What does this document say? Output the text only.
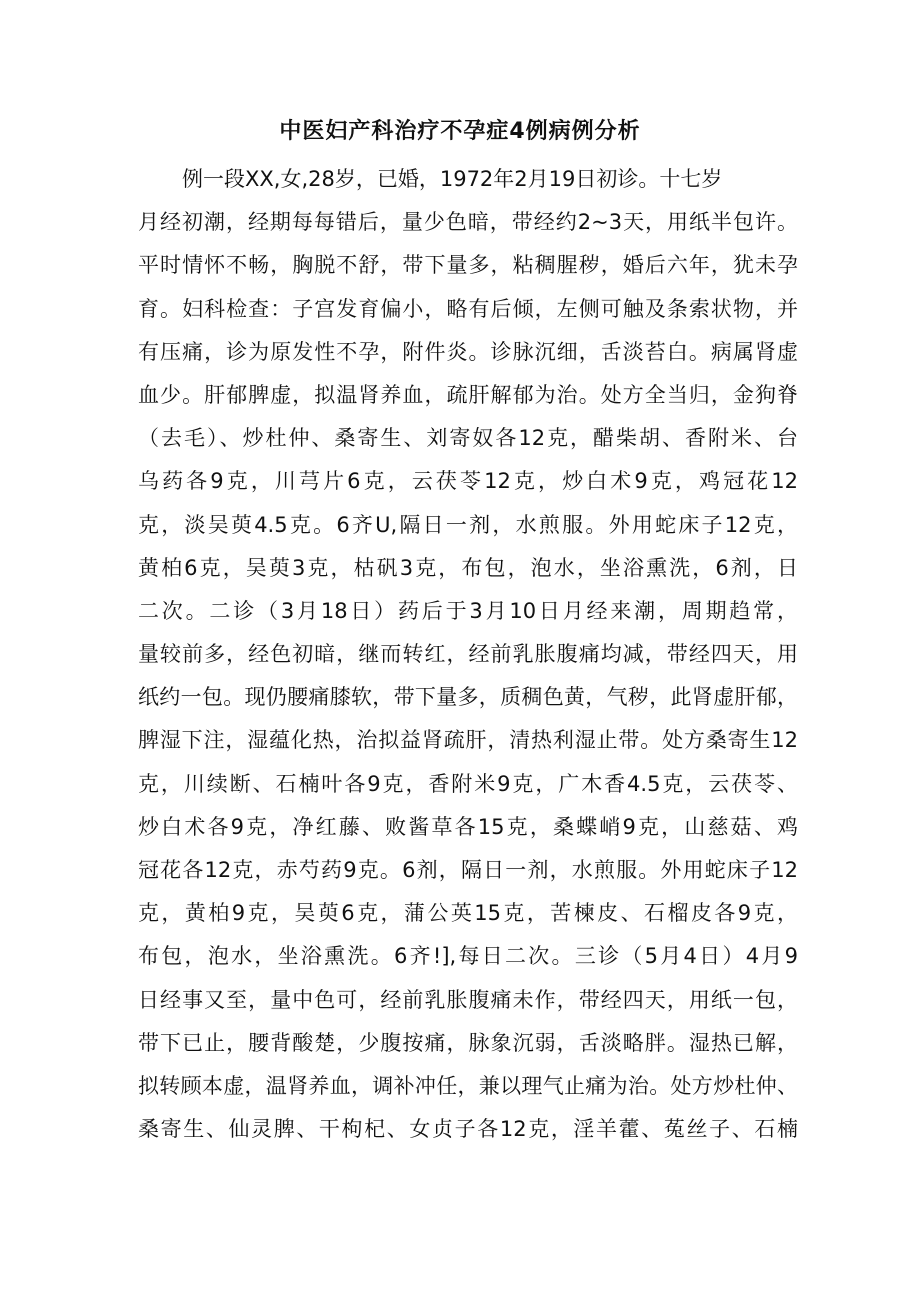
中医妇产科治疗不孕症4例病例分析
例一段XX,女,28岁，已婚，1972年2月19日初诊。十七岁
月经初潮，经期每每错后，量少色暗，带经约2~3天，用纸半包许。
平时情怀不畅，胸脱不舒，带下量多，粘稠腥秽，婚后六年，犹未孕
育。妇科检查：子宫发育偏小，略有后倾，左侧可触及条索状物，并
有压痛，诊为原发性不孕，附件炎。诊脉沉细，舌淡苔白。病属肾虚
血少。肝郁脾虚，拟温肾养血，疏肝解郁为治。处方全当归，金狗脊
（去毛）、炒杜仲、桑寄生、刘寄奴各12克，醋柴胡、香附米、台
乌药各9克，川芎片6克，云茯苓12克，炒白术9克，鸡冠花12
克，淡吴萸4.5克。6齐U,隔日一剂，水煎服。外用蛇床子12克，
黄柏6克，吴萸3克，枯矾3克，布包，泡水，坐浴熏洗，6剂，日
二次。二诊（3月18日）药后于3月10日月经来潮，周期趋常，
量较前多，经色初暗，继而转红，经前乳胀腹痛均减，带经四天，用
纸约一包。现仍腰痛膝软，带下量多，质稠色黄，气秽，此肾虚肝郁，
脾湿下注，湿蕴化热，治拟益肾疏肝，清热利湿止带。处方桑寄生12
克，川续断、石楠叶各9克，香附米9克，广木香4.5克，云茯苓、
炒白术各9克，净红藤、败酱草各15克，桑蝶峭9克，山慈菇、鸡
冠花各12克，赤芍药9克。6剂，隔日一剂，水煎服。外用蛇床子12
克，黄柏9克，吴萸6克，蒲公英15克，苦楝皮、石榴皮各9克，
布包，泡水，坐浴熏洗。6齐!],每日二次。三诊（5月4日）4月9
日经事又至，量中色可，经前乳胀腹痛未作，带经四天，用纸一包，
带下已止，腰背酸楚，少腹按痛，脉象沉弱，舌淡略胖。湿热已解，
拟转顾本虚，温肾养血，调补冲任，兼以理气止痛为治。处方炒杜仲、
桑寄生、仙灵脾、干枸杞、女贞子各12克，淫羊藿、菟丝子、石楠
